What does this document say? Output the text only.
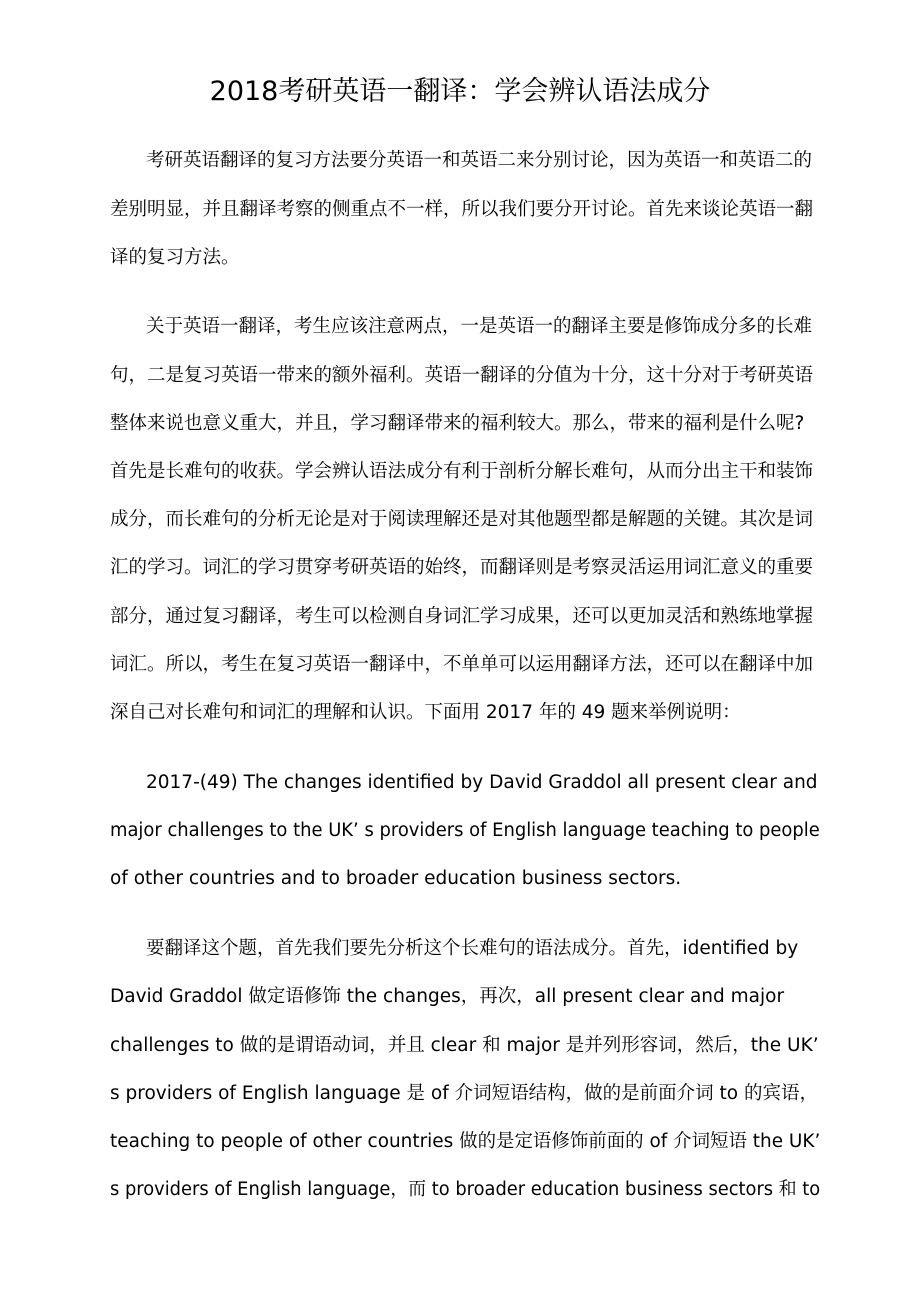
2018考研英语一翻译：学会辨认语法成分

考研英语翻译的复习方法要分英语一和英语二来分别讨论，因为英语一和英语二的

差别明显，并且翻译考察的侧重点不一样，所以我们要分开讨论。首先来谈论英语一翻

译的复习方法。

关于英语一翻译，考生应该注意两点，一是英语一的翻译主要是修饰成分多的长难

句，二是复习英语一带来的额外福利。英语一翻译的分值为十分，这十分对于考研英语

整体来说也意义重大，并且，学习翻译带来的福利较大。那么，带来的福利是什么呢?

首先是长难句的收获。学会辨认语法成分有利于剖析分解长难句，从而分出主干和装饰

成分，而长难句的分析无论是对于阅读理解还是对其他题型都是解题的关键。其次是词

汇的学习。词汇的学习贯穿考研英语的始终，而翻译则是考察灵活运用词汇意义的重要

部分，通过复习翻译，考生可以检测自身词汇学习成果，还可以更加灵活和熟练地掌握

词汇。所以，考生在复习英语一翻译中，不单单可以运用翻译方法，还可以在翻译中加

深自己对长难句和词汇的理解和认识。下面用 2017 年的 49 题来举例说明：

2017-(49) The changes identified by David Graddol all present clear and

major challenges to the UK’ s providers of English language teaching to people

of other countries and to broader education business sectors.

要翻译这个题，首先我们要先分析这个长难句的语法成分。首先，identified by

David Graddol 做定语修饰 the changes，再次，all present clear and major

challenges to 做的是谓语动词，并且 clear 和 major 是并列形容词，然后，the UK’

s providers of English language 是 of 介词短语结构，做的是前面介词 to 的宾语，

teaching to people of other countries 做的是定语修饰前面的 of 介词短语 the UK’

s providers of English language，而 to broader education business sectors 和 to
